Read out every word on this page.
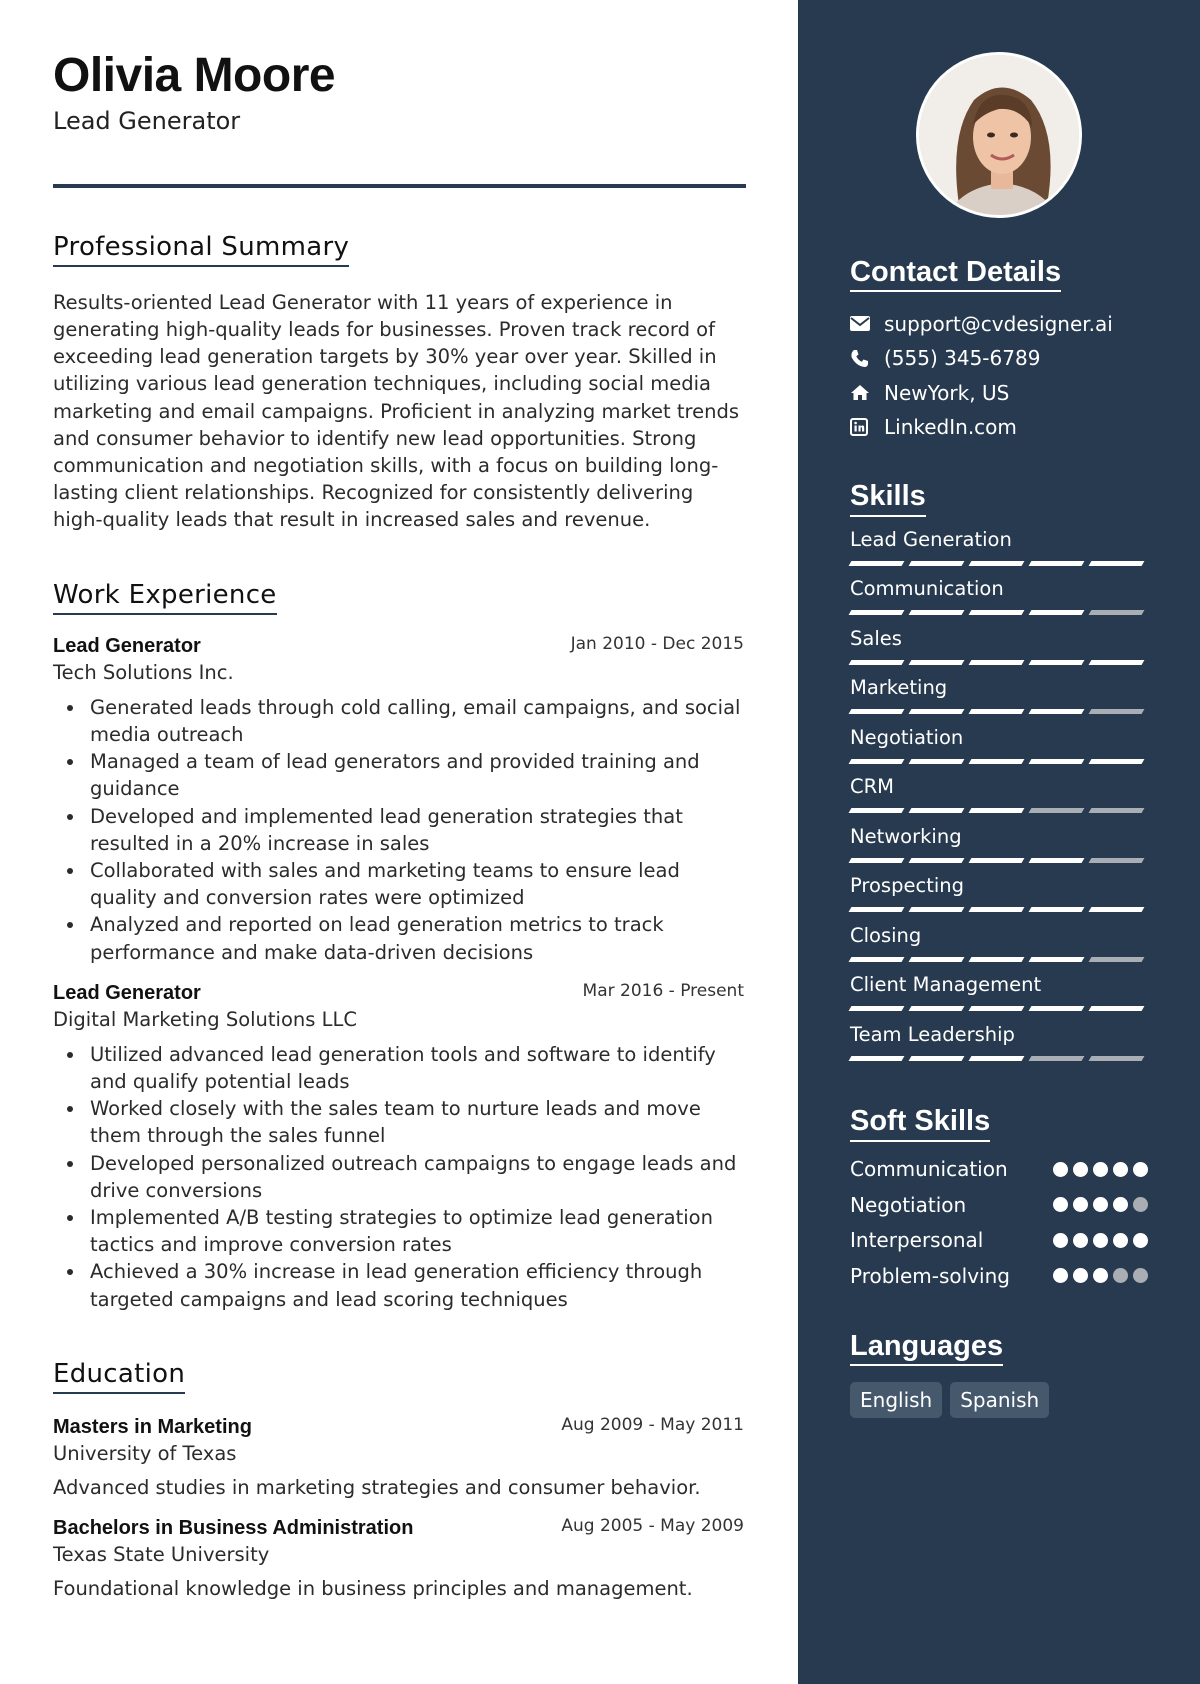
Olivia Moore
Lead Generator
Professional Summary

Results-oriented Lead Generator with 11 years of experience in generating high-quality leads for businesses. Proven track record of exceeding lead generation targets by 30% year over year. Skilled in utilizing various lead generation techniques, including social media marketing and email campaigns. Proficient in analyzing market trends and consumer behavior to identify new lead opportunities. Strong communication and negotiation skills, with a focus on building long-lasting client relationships. Recognized for consistently delivering high-quality leads that result in increased sales and revenue.

Work Experience
Lead Generator	Jan 2010 - Dec 2015
Tech Solutions Inc.
Generated leads through cold calling, email campaigns, and social media outreach
Managed a team of lead generators and provided training and guidance
Developed and implemented lead generation strategies that resulted in a 20% increase in sales
Collaborated with sales and marketing teams to ensure lead quality and conversion rates were optimized
Analyzed and reported on lead generation metrics to track performance and make data-driven decisions
Lead Generator	Mar 2016 - Present
Digital Marketing Solutions LLC
Utilized advanced lead generation tools and software to identify and qualify potential leads
Worked closely with the sales team to nurture leads and move them through the sales funnel
Developed personalized outreach campaigns to engage leads and drive conversions
Implemented A/B testing strategies to optimize lead generation tactics and improve conversion rates
Achieved a 30% increase in lead generation efficiency through targeted campaigns and lead scoring techniques
Education
Masters in Marketing	Aug 2009 - May 2011
University of Texas
Advanced studies in marketing strategies and consumer behavior.
Bachelors in Business Administration	Aug 2005 - May 2009
Texas State University
Foundational knowledge in business principles and management.
Contact Details
support@cvdesigner.ai
(555) 345-6789
NewYork, US
LinkedIn.com
Skills
Lead Generation
Communication
Sales
Marketing
Negotiation
CRM
Networking
Prospecting
Closing
Client Management
Team Leadership
Soft Skills
Communication
Negotiation
Interpersonal
Problem-solving
Languages
English	Spanish
